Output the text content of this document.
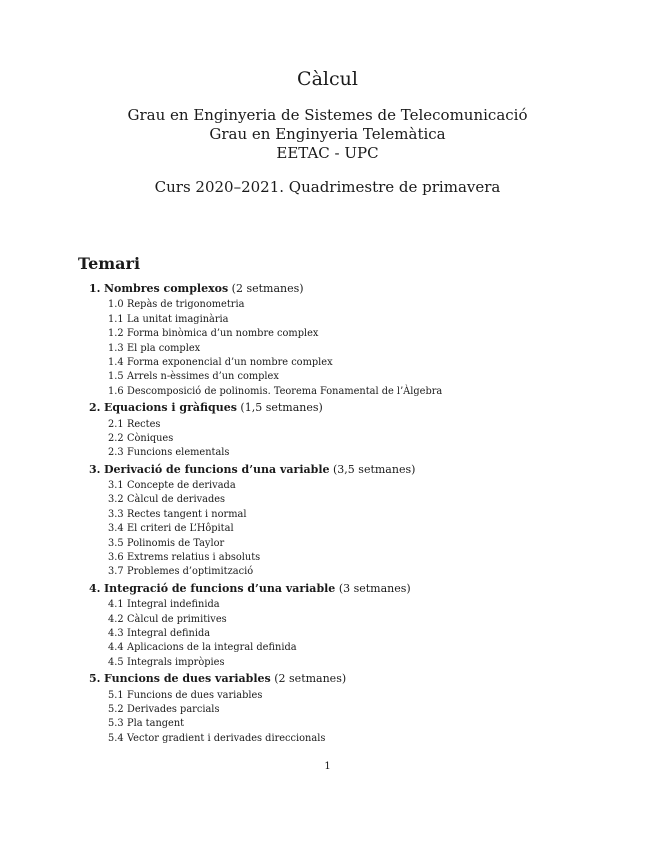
Càlcul
Grau en Enginyeria de Sistemes de Telecomunicació
Grau en Enginyeria Telemàtica
EETAC - UPC
Curs 2020–2021. Quadrimestre de primavera
Temari
1. Nombres complexos (2 setmanes)
1.0 Repàs de trigonometria
1.1 La unitat imaginària
1.2 Forma binòmica d’un nombre complex
1.3 El pla complex
1.4 Forma exponencial d’un nombre complex
1.5 Arrels n-èssimes d’un complex
1.6 Descomposició de polinomis. Teorema Fonamental de l’Àlgebra
2. Equacions i gràfiques (1,5 setmanes)
2.1 Rectes
2.2 Còniques
2.3 Funcions elementals
3. Derivació de funcions d’una variable (3,5 setmanes)
3.1 Concepte de derivada
3.2 Càlcul de derivades
3.3 Rectes tangent i normal
3.4 El criteri de L’Hôpital
3.5 Polinomis de Taylor
3.6 Extrems relatius i absoluts
3.7 Problemes d’optimització
4. Integració de funcions d’una variable (3 setmanes)
4.1 Integral indefinida
4.2 Càlcul de primitives
4.3 Integral definida
4.4 Aplicacions de la integral definida
4.5 Integrals impròpies
5. Funcions de dues variables (2 setmanes)
5.1 Funcions de dues variables
5.2 Derivades parcials
5.3 Pla tangent
5.4 Vector gradient i derivades direccionals
1
